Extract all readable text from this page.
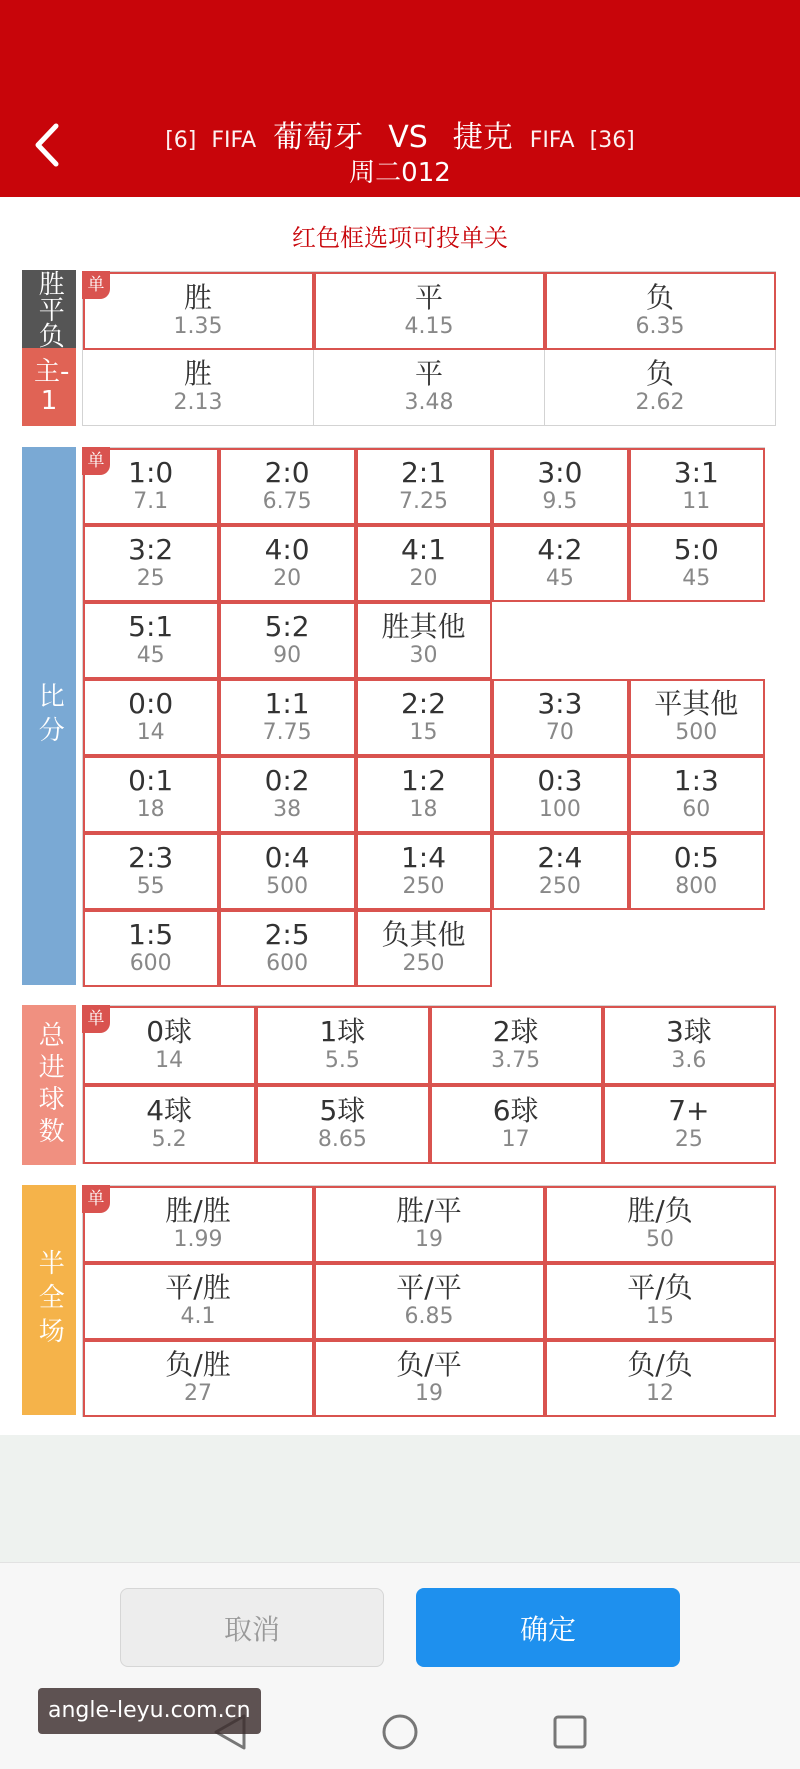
[6] FIFA 葡萄牙 VS 捷克 FIFA [36]
周二012
红色框选项可投单关
胜平负
主-1
比分
总进球数
半全场
胜
1.35
平
4.15
负
6.35
胜
2.13
平
3.48
负
2.62
1:0
7.1
2:0
6.75
2:1
7.25
3:0
9.5
3:1
11
3:2
25
4:0
20
4:1
20
4:2
45
5:0
45
5:1
45
5:2
90
胜其他
30
0:0
14
1:1
7.75
2:2
15
3:3
70
平其他
500
0:1
18
0:2
38
1:2
18
0:3
100
1:3
60
2:3
55
0:4
500
1:4
250
2:4
250
0:5
800
1:5
600
2:5
600
负其他
250
0球
14
1球
5.5
2球
3.75
3球
3.6
4球
5.2
5球
8.65
6球
17
7+
25
胜/胜
1.99
胜/平
19
胜/负
50
平/胜
4.1
平/平
6.85
平/负
15
负/胜
27
负/平
19
负/负
12
单
单
单
单
取消	确定
angle-leyu.com.cn
